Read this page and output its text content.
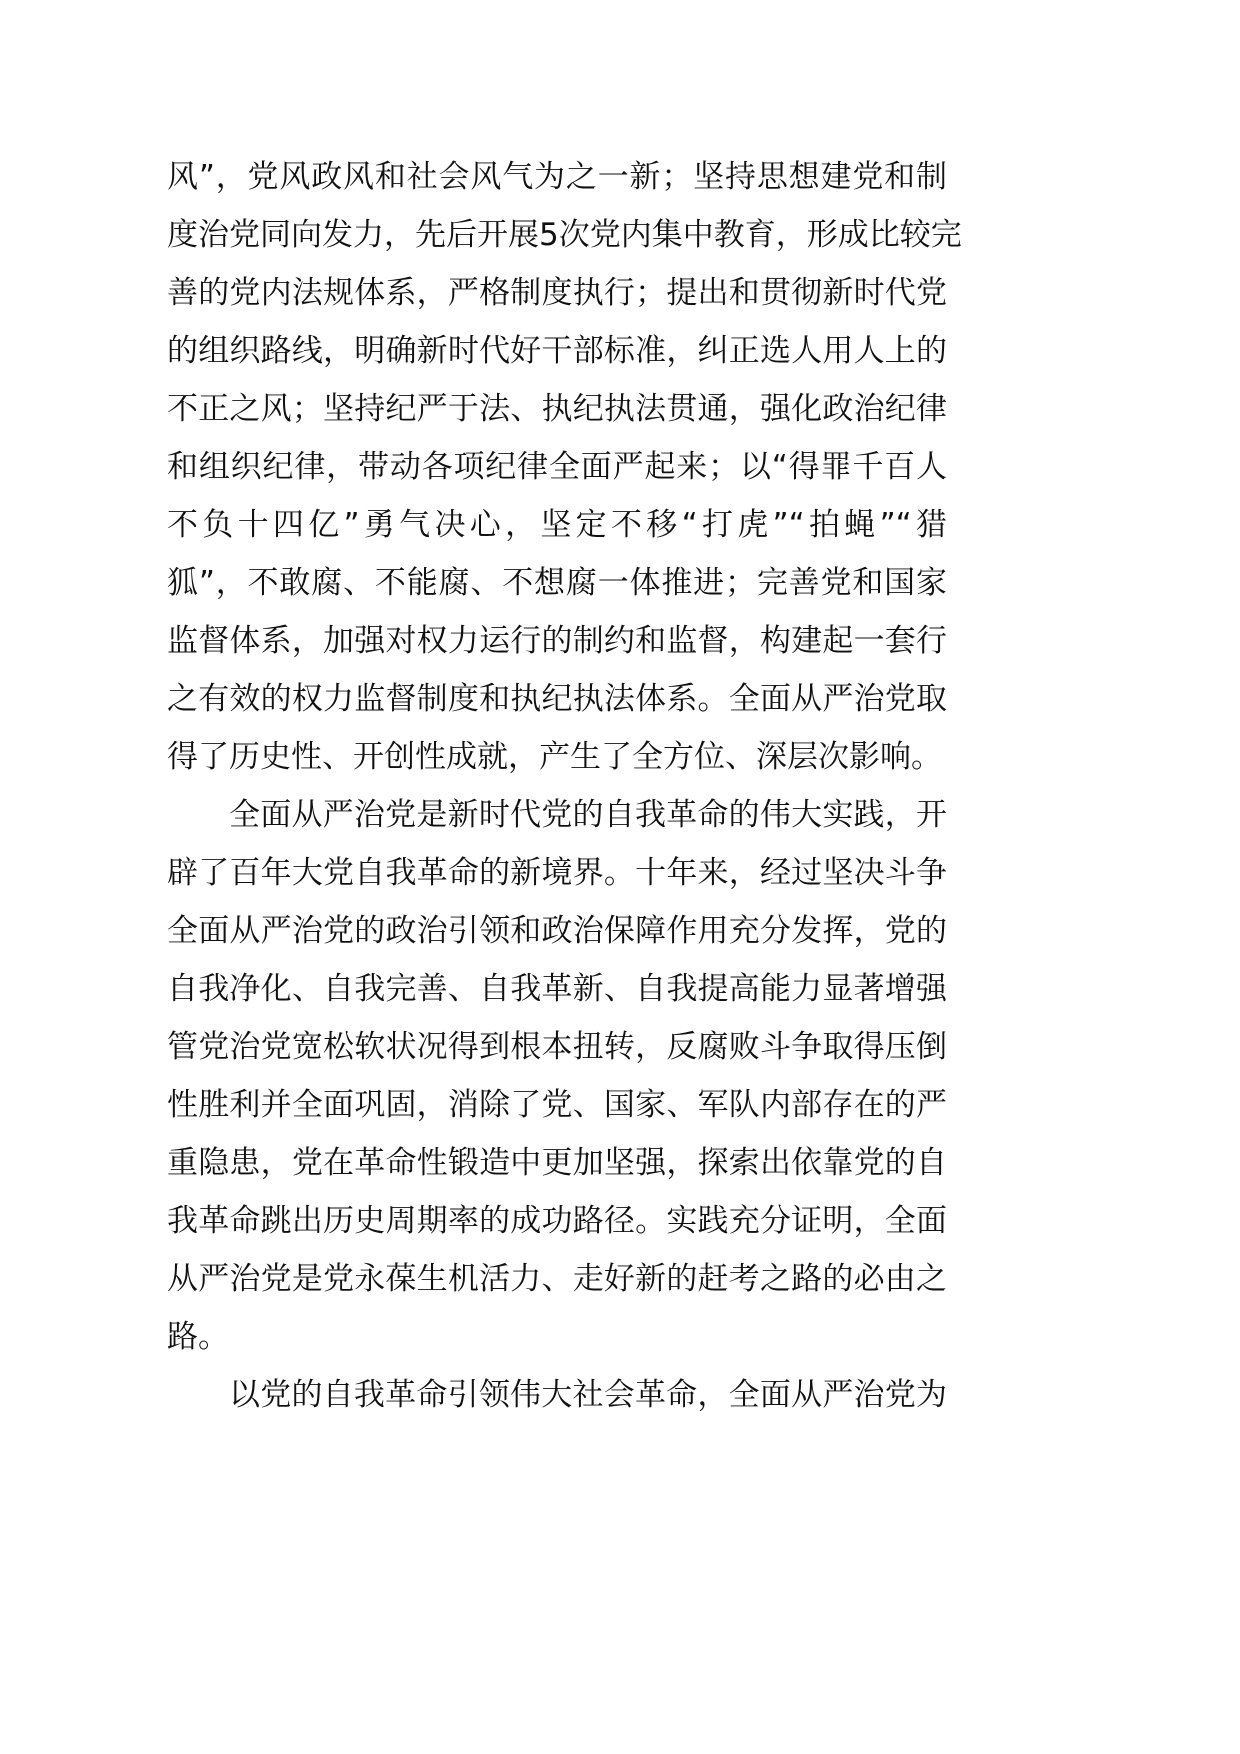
风”，党风政风和社会风气为之一新；坚持思想建党和制
度治党同向发力，先后开展5次党内集中教育，形成比较完
善的党内法规体系，严格制度执行；提出和贯彻新时代党
的组织路线，明确新时代好干部标准，纠正选人用人上的
不正之风；坚持纪严于法、执纪执法贯通，强化政治纪律
和组织纪律，带动各项纪律全面严起来；以“得罪千百人
不负十四亿”勇气决心，坚定不移“打虎”“拍蝇”“猎
狐”，不敢腐、不能腐、不想腐一体推进；完善党和国家
监督体系，加强对权力运行的制约和监督，构建起一套行
之有效的权力监督制度和执纪执法体系。全面从严治党取
得了历史性、开创性成就，产生了全方位、深层次影响。
全面从严治党是新时代党的自我革命的伟大实践，开
辟了百年大党自我革命的新境界。十年来，经过坚决斗争
全面从严治党的政治引领和政治保障作用充分发挥，党的
自我净化、自我完善、自我革新、自我提高能力显著增强
管党治党宽松软状况得到根本扭转，反腐败斗争取得压倒
性胜利并全面巩固，消除了党、国家、军队内部存在的严
重隐患，党在革命性锻造中更加坚强，探索出依靠党的自
我革命跳出历史周期率的成功路径。实践充分证明，全面
从严治党是党永葆生机活力、走好新的赶考之路的必由之
路。
以党的自我革命引领伟大社会革命，全面从严治党为
